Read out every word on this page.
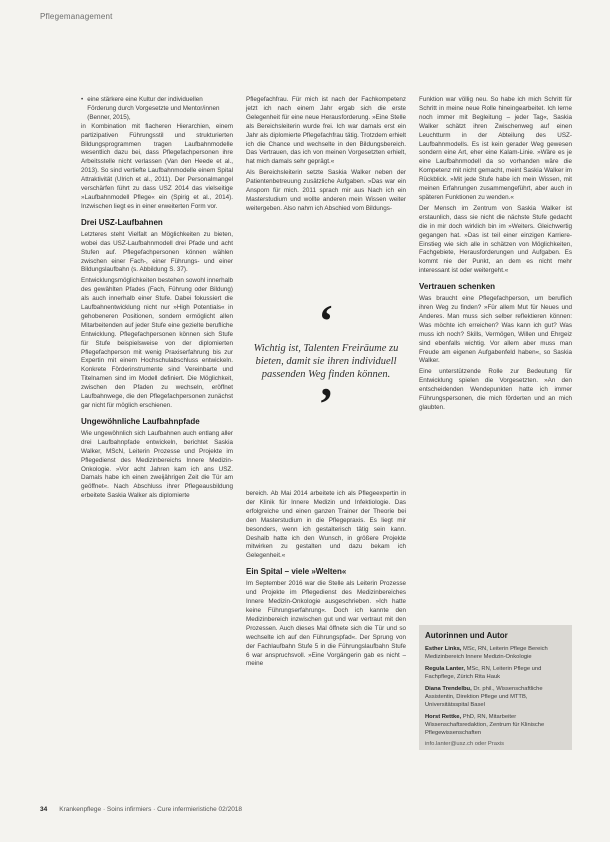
Pflegemanagement
• eine stärkere eine Kultur der individuellen Förderung durch Vorgesetzte und Mentor/innen (Benner, 2015),

in Kombination mit flacheren Hierarchien, einem partizipativen Führungsstil und strukturierten Bildungsprogrammen tragen Laufbahnmodelle wesentlich dazu bei, dass Pflegefachpersonen ihre Arbeitsstelle nicht verlassen (Van den Heede et al., 2013). So sind vertiefte Laufbahnmodelle einem Spital Attraktivität (Ulrich et al., 2011). Der Personalmangel verschärfen führt zu dass USZ 2014 das vielseitige »Laufbahnmodell Pflege« ein (Spirig et al., 2014). Inzwischen liegt es in einer erweiterten Form vor.

Drei USZ-Laufbahnen

Letzteres steht Vielfalt an Möglichkeiten zu bieten, wobei das USZ-Laufbahnmodell drei Pfade und acht Stufen auf. Pflegefachpersonen können wählen zwischen einer Fach-, einer Führungs- und einer Bildungslaufbahn (s. Abbildung S. 37).

Entwicklungsmöglichkeiten bestehen sowohl innerhalb des gewählten Pfades (Fach, Führung oder Bildung) als auch innerhalb einer Stufe. Dabei fokussiert die Laufbahnentwicklung nicht nur »High Potentials« in gehobeneren Positionen, sondern ermöglicht allen Mitarbeitenden auf jeder Stufe eine gezielte berufliche Entwicklung. Pflegefachpersonen können sich Stufe für Stufe beispielsweise von der diplomierten Pflegefachperson mit wenig Praxiserfahrung bis zur Expertin mit einem Hochschulabschluss entwickeln. Konkrete Förderinstrumente sind Vereinbarte und Titelnamen sind im Modell definiert. Die Möglichkeit, zwischen den Pfaden zu wechseln, eröffnet Laufbahnwege, die den Pflegefachpersonen zunächst gar nicht für möglich erschienen.

Ungewöhnliche Laufbahnpfade

Wie ungewöhnlich sich Laufbahnen auch entlang aller drei Laufbahnpfade entwickeln, berichtet Saskia Walker, MScN, Leiterin Prozesse und Projekte im Pflegedienst des Medizinbereichs Innere Medizin-Onkologie. »Vor acht Jahren kam ich ans USZ. Damals habe ich einen zweijährigen Zeit die Tür am geöffnet«. Nach Abschluss ihrer Pflegeausbildung erbeitete Saskia Walker als diplomierte

Pflegefachfrau. Für mich ist nach der Fachkompetenz jetzt ich nach einem Jahr ergab sich die erste Gelegenheit für eine neue Herausforderung. »Eine Stelle als Bereichsleiterin wurde frei. Ich war damals erst ein Jahr als diplomierte Pflegefachfrau tätig. Trotzdem erhielt ich die Chance und wechselte in den Bildungsbereich. Das Vertrauen, das ich von meinen Vorgesetzten erhielt, hat mich damals sehr geprägt.«

Als Bereichsleiterin setzte Saskia Walker neben der Patientenbetreuung zusätzliche Aufgaben. »Das war ein Ansporn für mich. 2011 sprach mir aus Nach ich ein Masterstudium und wollte anderen mein Wissen weiter weitergeben. Also nahm ich Abschied vom Bildungs-

‘
Wichtig ist, Talenten Freiräume zu bieten, damit sie ihren individuell passenden Weg finden können.
’

bereich. Ab Mai 2014 arbeitete ich als Pflegeexpertin in der Klinik für Innere Medizin und Infektiologie. Das erfolgreiche und einen ganzen Trainer der Theorie bei den Masterstudium in die Pflegepraxis. Es liegt mir besonders, wenn ich gestalterisch tätig sein kann. Deshalb hatte ich den Wunsch, in größere Projekte mitwirken zu gestalten und dazu bekam ich Gelegenheit.«

Ein Spital – viele »Welten«

Im September 2016 war die Stelle als Leiterin Prozesse und Projekte im Pflegedienst des Medizinbereiches Innere Medizin-Onkologie ausgeschrieben. »Ich hatte keine Führungserfahrung«. Doch ich kannte den Medizinbereich inzwischen gut und war vertraut mit den Prozessen. Auch dieses Mal öffnete sich die Tür und so wechselte ich auf den Führungspfad«. Der Sprung von der Fachlaufbahn Stufe 5 in die Führungslaufbahn Stufe 6 war anspruchsvoll. »Eine Vorgängerin gab es nicht – meine

Funktion war völlig neu. So habe ich mich Schritt für Schritt in meine neue Rolle hineingearbeitet. Ich lerne noch immer mit Begleitung – jeder Tag«, Saskia Walker schätzt ihren Zwischenweg auf einen Leuchtturm in der Abteilung des USZ-Laufbahnmodells. Es ist kein gerader Weg gewesen sondern eine Art, eher eine Kalam-Linie. »Wäre es je eine Laufbahnmodell da so vorhanden wäre die Kompetenz mit nicht gemacht, meint Saskia Walker im Rückblick. »Mit jede Stufe habe ich mein Wissen, mit meinen Erfahrungen zusammengeführt, aber auch in späteren Funktionen zu wenden.«

Der Mensch im Zentrum von Saskia Walker ist erstaunlich, dass sie nicht die nächste Stufe gedacht die in mir doch wirklich bin im »Weiters. Gleichwertig gegangen hat. »Das ist teil einer einzigen Karriere-Einstieg wie sich alle in schätzen von Möglichkeiten, Fachgebiete, Herausforderungen und Aufgaben. Es kommt nie der Punkt, an dem es nicht mehr interessant ist oder weitergeht.«

Vertrauen schenken

Was braucht eine Pflegefachperson, um beruflich ihren Weg zu finden? »Für allem Mut für Neues und Anderes. Man muss sich selber reflektieren können: Was möchte ich erreichen? Was kann ich gut? Was muss ich noch? Skills, Vermögen, Willen und Ehrgeiz sind ebenfalls wichtig. Vor allem aber muss man Freude am eigenen Aufgabenfeld haben«, so Saskia Walker.

Eine unterstützende Rolle zur Bedeutung für Entwicklung spielen die Vorgesetzten. »An den entscheidenden Wendepunkten hatte ich immer Führungspersonen, die mich förderten und an mich glaubten.

Autorinnen und Autor
Esther Links, MSc, RN, Leiterin Pflege Bereich Medizinbereich Innere Medizin-Onkologie
Regula Lanter, MSc, RN, Leiterin Pflege und Fachpflege, Zürich Rita Hauk
Diana Trendelbu, Dr. phil., Wissenschaftliche Assistentin, Direktion Pflege und MTTB, Universitätsspital Basel
Horst Rettke, PhD, RN, Mitarbeiter Wissenschaftsredaktion, Zentrum für Klinische Pflegewissenschaften
info.lanter@usz.ch oder Praxis
34 Krankenpflege · Soins infirmiers · Cure infermieristiche 02/2018
